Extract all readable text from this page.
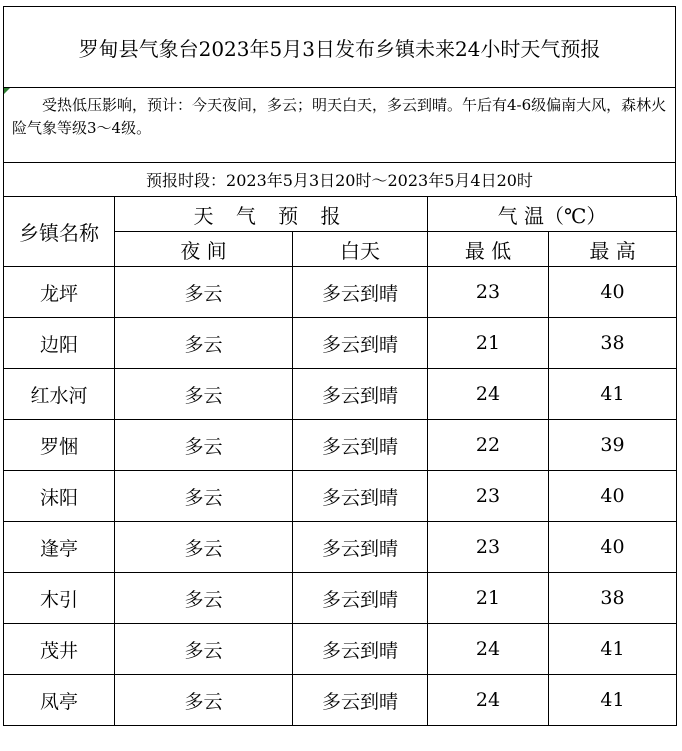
罗甸县气象台2023年5月3日发布乡镇未来24小时天气预报
受热低压影响，预计：今天夜间，多云；明天白天，多云到晴。午后有4-6级偏南大风，森林火险气象等级3～4级。
预报时段：2023年5月3日20时～2023年5月4日20时
乡镇名称	天 气 预 报		气 温（℃）	
	夜 间	白天	最 低	最 高
龙坪	多云	多云到晴	23	40
边阳	多云	多云到晴	21	38
红水河	多云	多云到晴	24	41
罗悃	多云	多云到晴	22	39
沫阳	多云	多云到晴	23	40
逢亭	多云	多云到晴	23	40
木引	多云	多云到晴	21	38
茂井	多云	多云到晴	24	41
凤亭	多云	多云到晴	24	41
